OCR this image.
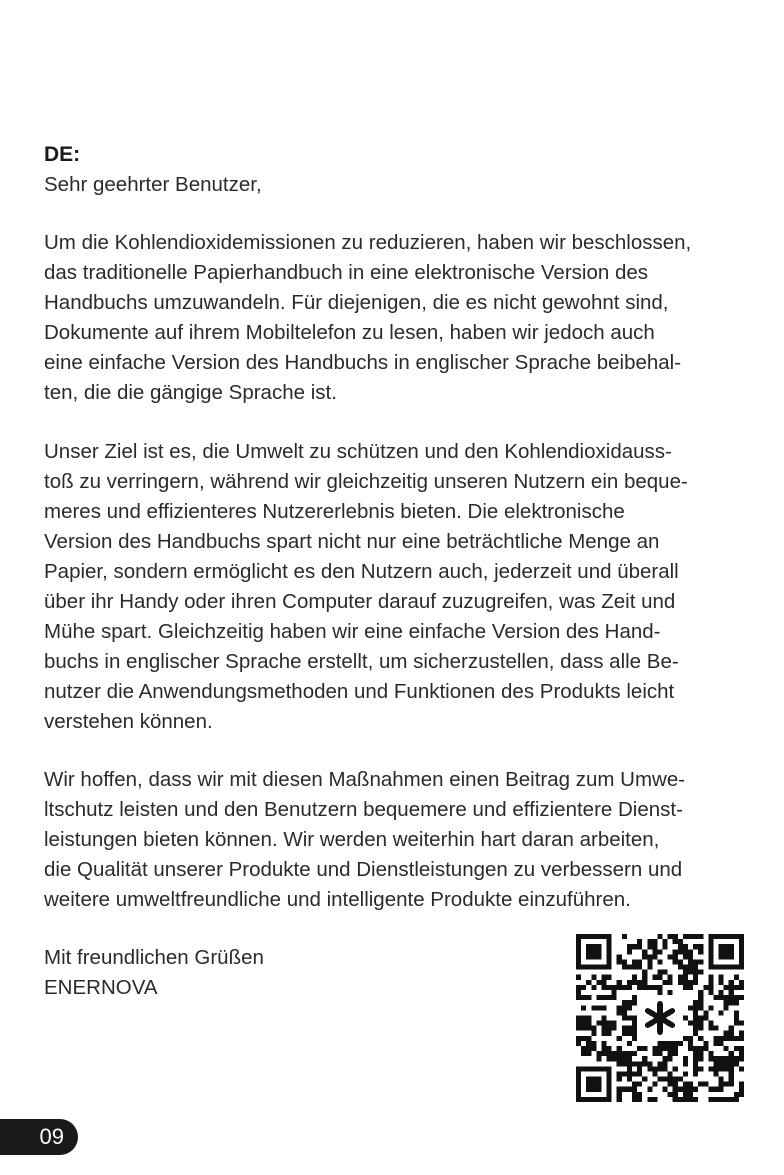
DE:

Sehr geehrter Benutzer,

Um die Kohlendioxidemissionen zu reduzieren, haben wir beschlossen,
das traditionelle Papierhandbuch in eine elektronische Version des
Handbuchs umzuwandeln. Für diejenigen, die es nicht gewohnt sind,
Dokumente auf ihrem Mobiltelefon zu lesen, haben wir jedoch auch
eine einfache Version des Handbuchs in englischer Sprache beibehal-
ten, die die gängige Sprache ist.
Unser Ziel ist es, die Umwelt zu schützen und den Kohlendioxidauss-
toß zu verringern, während wir gleichzeitig unseren Nutzern ein beque-
meres und effizienteres Nutzererlebnis bieten. Die elektronische
Version des Handbuchs spart nicht nur eine beträchtliche Menge an
Papier, sondern ermöglicht es den Nutzern auch, jederzeit und überall
über ihr Handy oder ihren Computer darauf zuzugreifen, was Zeit und
Mühe spart. Gleichzeitig haben wir eine einfache Version des Hand-
buchs in englischer Sprache erstellt, um sicherzustellen, dass alle Be-
nutzer die Anwendungsmethoden und Funktionen des Produkts leicht
verstehen können.
Wir hoffen, dass wir mit diesen Maßnahmen einen Beitrag zum Umwe-
ltschutz leisten und den Benutzern bequemere und effizientere Dienst-
leistungen bieten können. Wir werden weiterhin hart daran arbeiten,
die Qualität unserer Produkte und Dienstleistungen zu verbessern und
weitere umweltfreundliche und intelligente Produkte einzuführen.

Mit freundlichen Grüßen

ENERNOVA

09
